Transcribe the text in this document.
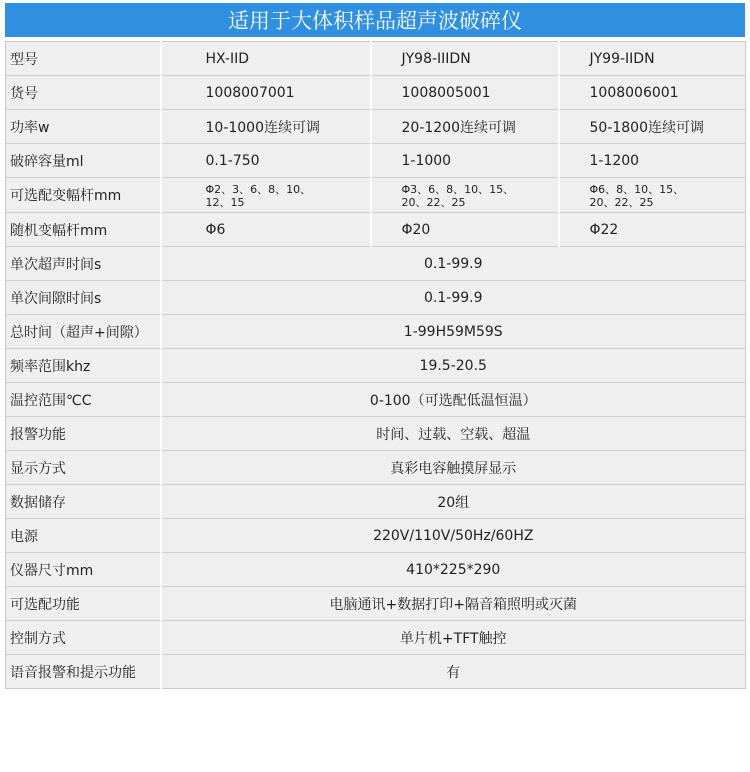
适用于大体积样品超声波破碎仪
型号	HX-IID	JY98-IIIDN	JY99-IIDN
货号	1008007001	1008005001	1008006001
功率w	10-1000连续可调	20-1200连续可调	50-1800连续可调
破碎容量ml	0.1-750	1-1000	1-1200
可选配变幅杆mm	Φ2、3、6、8、10、12、15	Φ3、6、8、10、15、20、22、25	Φ6、8、10、15、20、22、25
随机变幅杆mm	Φ6	Φ20	Φ22
单次超声时间s	0.1-99.9		
单次间隙时间s	0.1-99.9		
总时间（超声+间隙）	1-99H59M59S		
频率范围khz	19.5-20.5		
温控范围℃C	0-100（可选配低温恒温）		
报警功能	时间、过载、空载、超温		
显示方式	真彩电容触摸屏显示		
数据储存	20组		
电源	220V/110V/50Hz/60HZ		
仪器尺寸mm	410*225*290		
可选配功能	电脑通讯+数据打印+隔音箱照明或灭菌		
控制方式	单片机+TFT触控		
语音报警和提示功能	有		
